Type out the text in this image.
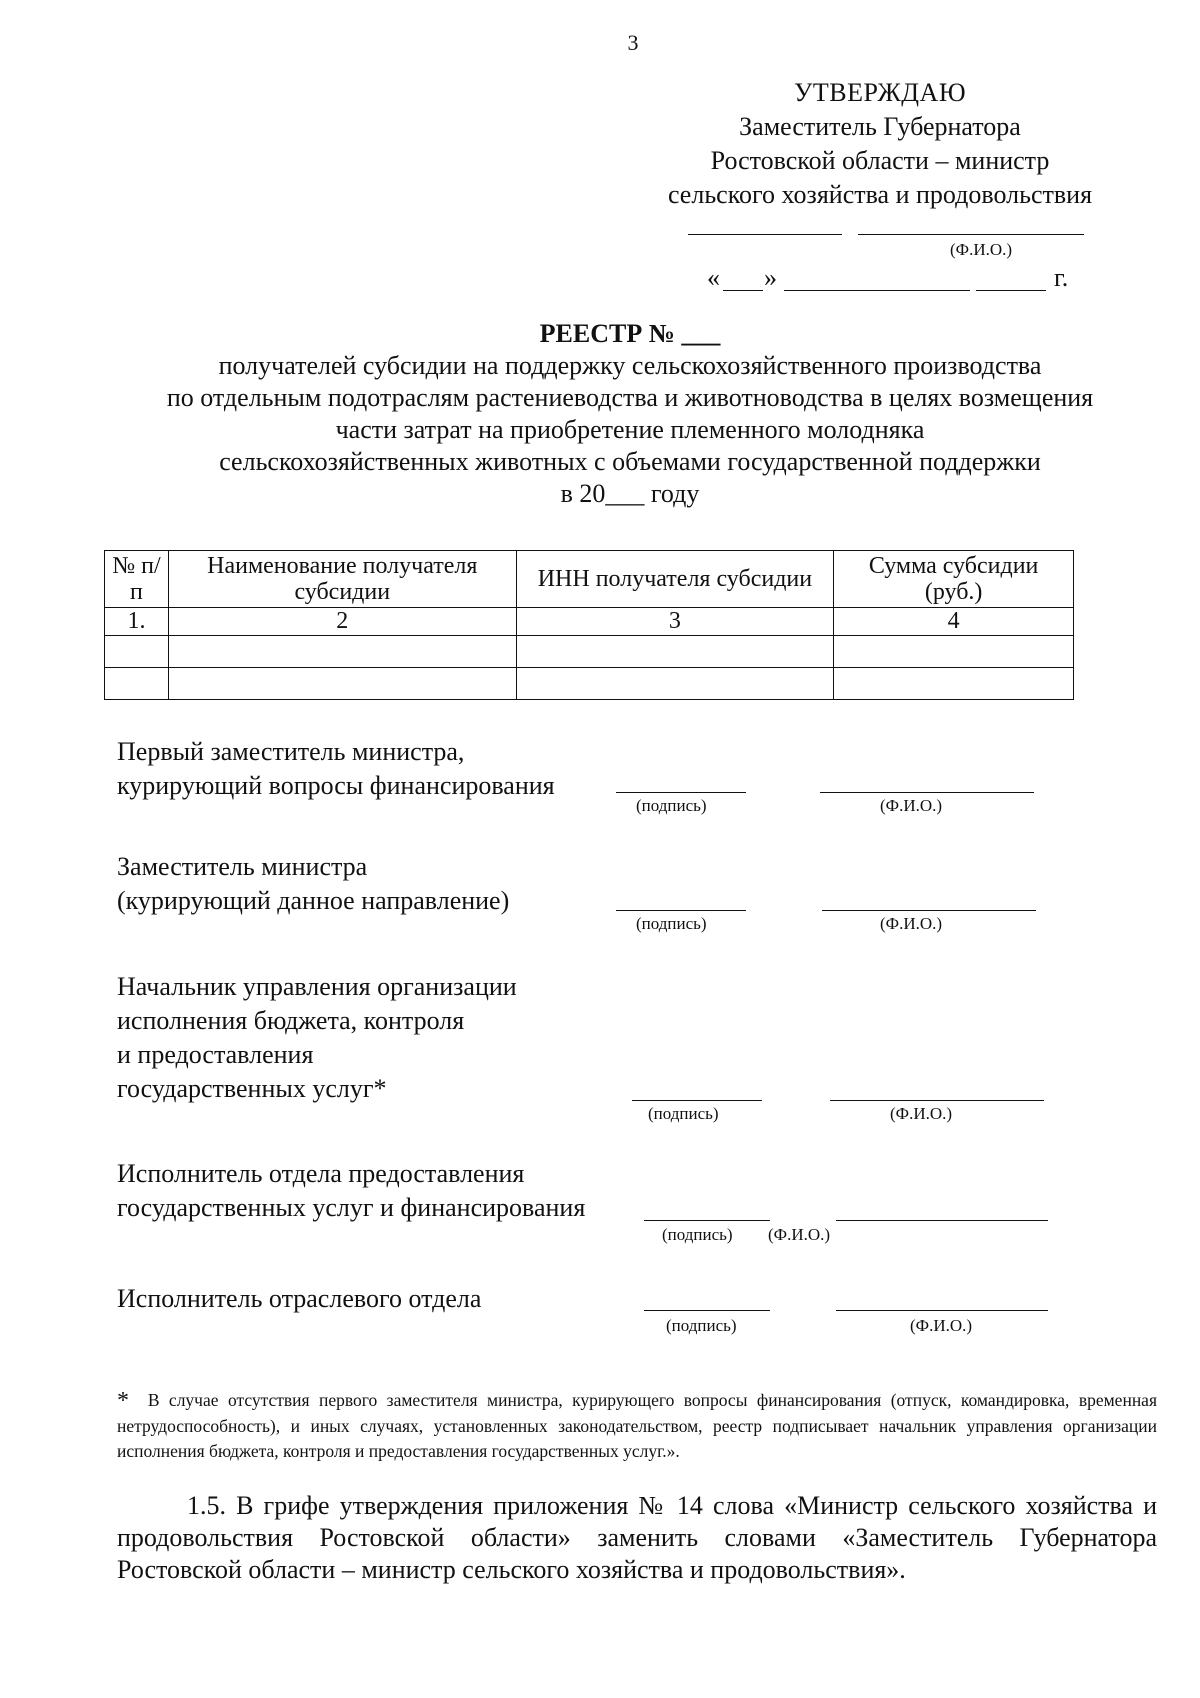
3
УТВЕРЖДАЮ
Заместитель Губернатора
Ростовской области – министр
сельского хозяйства и продовольствия
(Ф.И.О.)
« »	г.
РЕЕСТР № ___
получателей субсидии на поддержку сельскохозяйственного производства
по отдельным подотраслям растениеводства и животноводства в целях возмещения
части затрат на приобретение племенного молодняка
сельскохозяйственных животных с объемами государственной поддержки
в 20___ году
№ п/п	Наименование получателя субсидии	ИНН получателя субсидии	Сумма субсидии (руб.)
1.	2	3	4

Первый заместитель министра,
курирующий вопросы финансирования
(подпись)	(Ф.И.О.)
Заместитель министра
(курирующий данное направление)
(подпись)	(Ф.И.О.)
Начальник управления организации
исполнения бюджета, контроля
и предоставления
государственных услуг*
(подпись)	(Ф.И.О.)
Исполнитель отдела предоставления
государственных услуг и финансирования
(подпись) (Ф.И.О.)
Исполнитель отраслевого отдела
(подпись)	(Ф.И.О.)
* В случае отсутствия первого заместителя министра, курирующего вопросы финансирования (отпуск, командировка, временная нетрудоспособность), и иных случаях, установленных законодательством, реестр подписывает начальник управления организации исполнения бюджета, контроля и предоставления государственных услуг.».
1.5. В грифе утверждения приложения № 14 слова «Министр сельского хозяйства и продовольствия Ростовской области» заменить словами «Заместитель Губернатора Ростовской области – министр сельского хозяйства и продовольствия».
